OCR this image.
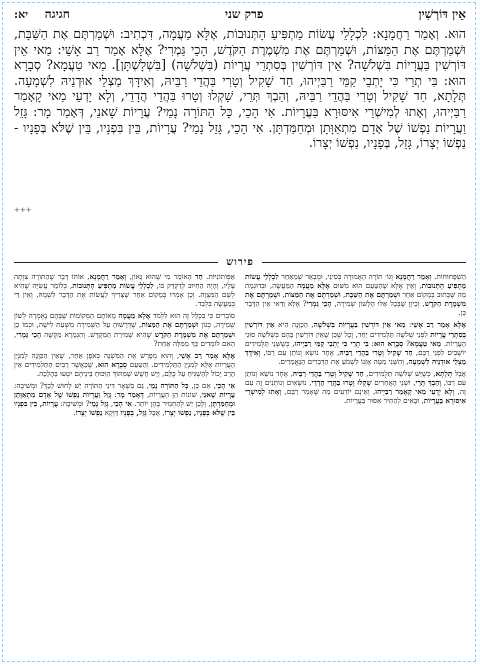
אֵין דּוֹרְשִׁין
פרק שני
חגיגה    יא:
הוּא. וְאָמַר רַחֲמָנָא: לִכְלָלֵי עֲשׂוֹת מַתְפִּיעַ הָתְּנוּבוֹת, אֶלָּא מַעֲמָה, דִּכְתִיב: וּשְׁמַרְתֶּם אֶת הַשַּׁבָּת, וּשְׁמַרְתֶּם אֶת הַמַּצּוֹת, וּשְׁמַרְתֶּם אֶת מִשְׁמֶרֶת הַקֹּדֶשׁ, הָכֵי גַּמְרִי? אֶלָּא אָמַר רַב אָשֵׁי: מַאי אֵין דּוֹרְשִׁין בַּעֲרָיוֹת בִּשְׁלֹשָׁה? אֵין דּוֹרְשִׁין בְּסִתְרֵי עֲרָיוֹת (בִּשְׁלֹשָׁה) [בִּשְׁלָשְׁתָּן]. מַאי טַעֲמָא? סְבָרָא הוּא: בִּי תְרֵי כִּי יָתְבֵי קַמֵּי רַבַּיְיהוּ, חַד שָׁקִיל וְטָרִי בַּהֲדֵי רַבֵּיהּ, וְאִידָּךְ מַצְלֵי אוּדְנֵיהּ לִשְׁמָעָה. תְּלָתָא, חַד שָׁקִיל וְטָרִי בַּהֲדֵי רַבֵּיהּ, וְהַבְךְ תְּרֵי, שָׁקְלוּ וְטָרוּ בַּהֲדֵי הֲדָדֵי, וְלָא יָדְעֵי מַאי קָאָמַר רַבַּיְיהוּ, וְאָתוּ לְמִישְׁרֵי אִיסּוּרָא בַּעֲרָיוֹת. אִי הָכֵי, כָּל הַתּוֹרָה נָמֵי? עֲרָיוֹת שָׁאנֵי, דְּאָמַר מָר: גָּזֵל וַעֲרָיוֹת נַפְשׁוֹ שֶׁל אָדָם מִתְאַוָּתָן וּמְחַמַּדְתָּן. אִי הָכֵי, גָּזֵל נָמֵי? עֲרָיוֹת, בֵּין בִּפְנָיו, בֵּין שֶׁלֹּא בְּפָנָיו - נַפְשׁוֹ יְצָרוֹ, גָּזֵל, בְּפָנָיו, נַפְשׁוֹ יְצָרוֹ.
+++
פירוש

הַשְׁפָּחוּחוֹת. וְאָמַר רַחֲמָנָא וְגוֹ׳ תוֹרָה הָאֲמוּרָה בְּסִינַי, וּמְבָאֵר שְׁמֵאַחַר לִכְלָלֵי עֲשׂוֹת מַתְפִּיעַ הָתְּנוּבוֹת, וְאֵין אֶלָּא שֶׁהַטַּעַם הוּא מִשּׁוּם אֶלָּא מַעֲמָה הַמַּעֲשֶׂה, וּבְדוּגְמַת מַה שֶּׁכָּתוּב בְּמָקוֹם אַחֵר וּשְׁמַרְתֶּם אֶת הַשַּׁבָּת, וּשְׁמַרְתֶּם אֶת הַמַּצּוֹת, וּשְׁמַרְתֶּם אֶת מִשְׁמֶרֶת הַקֹּדֶשׁ, וְכֵיוָן שֶׁבְּכָל אֵלּוּ הַלָּשׁוֹן שְׁמִירָה, הָכֵי גַּמְרִי? אֶלָּא וַדַּאי אֵין הַדָּבָר כֵּן.

אֶלָּא אָמַר רַב אָשֵׁי: מַאי אֵין דּוֹרְשִׁין בַּעֲרָיוֹת בִּשְׁלֹשָׁה, הַכַּוָּנָה הִיא אֵין דּוֹרְשִׁין בְּסִתְרֵי עֲרָיוֹת לִפְנֵי שְׁלֹשָׁה תַּלְמִידִים יַחַד, וְכָל שֶׁכֵּן שֶׁאֵין דּוֹרְשִׁין בָּהֶם בִּשְׁלֹשָׁה סוּגֵי הָעֲרָיוֹת. מַאי טַעֲמָא? סְבָרָא הוּא: בִּי תְרֵי כִּי יָתְבֵי קַמֵּי רַבַּיְיהוּ, כְּשֶׁשְּׁנֵי תַּלְמִידִים יוֹשְׁבִים לִפְנֵי רַבָּם, חַד שָׁקִיל וְטָרִי בַּהֲדֵי רַבֵּיהּ, אֶחָד נוֹשֵׂא וְנוֹתֵן עִם רַבּוֹ, וְאִידָּךְ מַצְלֵי אוּדְנֵיהּ לִשְׁמָעָה, וְהַשֵּׁנִי מַטֶּה אָזְנוֹ לִשְׁמֹעַ אֶת הַדְּבָרִים הַנֶּאֱמָרִים.

אֲבָל תְּלָתָא, כְּשֶׁיֵּשׁ שְׁלֹשָׁה תַּלְמִידִים, חַד שָׁקִיל וְטָרִי בַּהֲדֵי רַבֵּיהּ, אֶחָד נוֹשֵׂא וְנוֹתֵן עִם רַבּוֹ, וְהַבְךְ תְּרֵי, וּשְׁנֵי הָאֲחֵרִים שָׁקְלוּ וְטָרוּ בַּהֲדֵי הֲדָדֵי, נוֹשְׂאִים וְנוֹתְנִים זֶה עִם זֶה, וְלָא יָדְעֵי מַאי קָאָמַר רַבַּיְיהוּ, וְאֵינָם יוֹדְעִים מַה שֶּׁאָמַר רַבָּם, וְאָתוּ לְמִישְׁרֵי אִיסּוּרָא בַּעֲרָיוֹת, וּבָאִים לְהַתִּיר אִסּוּר בַּעֲרָיוֹת.

אַפְּוֹתוֹנִיּוֹת. חַד הָאוֹמֵר מִי שֶׁהוּא גָּאוֹן, וְאָמַר רַחֲמָנָא, אוֹתוֹ דָּבָר שֶׁהַתּוֹרָה צִוְּתָה עָלָיו, וְהָיָה הַחִיּוּב לְדַקְדֵּק בּוֹ, לִכְלָלֵי עֲשׂוֹת מַתְפִּיעַ הָתְּנוּבוֹת, כְּלוֹמַר עֲשִׂיָּה שֶׁהִיא לְשֵׁם הַמִּצְוָה. וְכֵן אָמְרוּ בְּמָקוֹם אַחֵר שֶׁצָּרִיךְ לַעֲשׂוֹת אֶת הַדָּבָר לִשְׁמָהּ, וְאֵין דַּי בְּמַעֲשֶׂה בִּלְבַד.

סוֹבְרִים כִּי בִּכְלַל זֶה הוּא לִלְמֹד אֶלָּא מַעֲמָה מֵאוֹתָם הַמְּקוֹמוֹת שֶׁבָּהֶם נֶאֶמְרָה לְשׁוֹן שְׁמִירָה, כְּגוֹן וּשְׁמַרְתֶּם אֶת הַמַּצּוֹת, שֶׁדְּרָשׁוּהָ עַל הַשְּׁמִירָה מִשְּׁעַת לִישָׁה, וּכְמוֹ כֵן וּשְׁמַרְתֶּם אֶת מִשְׁמֶרֶת הַקֹּדֶשׁ שֶׁהִיא שְׁמִירַת הַמִּקְדָּשׁ. וְהַגְּמָרָא מַקְשָׁה הָכֵי גַּמְרִי, הַאִם לוֹמְדִים כָּךְ מִמִּלָּה אַחַת?

אֶלָּא אָמַר רַב אָשֵׁי, וְהוּא מְפָרֵשׁ אֶת הַמִּשְׁנָה בְּאֹפֶן אַחֵר, שֶׁאֵין הַכַּוָּנָה לְמִנְיַן הָעֲרָיוֹת אֶלָּא לְמִנְיַן הַתַּלְמִידִים. וְהַטַּעַם סְבָרָא הוּא, שֶׁכַּאֲשֶׁר רַבִּים הַתַּלְמִידִים אֵין הָרַב יָכוֹל לְהַשְׁגִּיחַ עַל כֻּלָּם, וְיֵשׁ חֲשָׁשׁ שֶׁמִּתּוֹךְ הַוִּכּוּחַ בֵּינֵיהֶם יִטְעוּ בַּהֲלָכָה.

אִי הָכֵי, אִם כֵּן, כָּל הַתּוֹרָה נָמֵי, גַּם בִּשְׁאָר דִּינֵי הַתּוֹרָה יֵשׁ לָחוּשׁ לְכָךְ? וּמְשִׁיבָה: עֲרָיוֹת שָׁאנֵי, שׁוֹנוֹת הֵן הָעֲרָיוֹת, דְּאָמַר מָר: גָּזֵל וַעֲרָיוֹת נַפְשׁוֹ שֶׁל אָדָם מִתְאַוָּתָן וּמְחַמַּדְתָּן, וְלָכֵן יֵשׁ לְהַחְמִיר בָּהֶן יוֹתֵר. אִי הָכֵי, גָּזֵל נָמֵי? וּמְשִׁיבָה: עֲרָיוֹת, בֵּין בִּפְנָיו בֵּין שֶׁלֹּא בְּפָנָיו, נַפְשׁוֹ יְצָרוֹ, אֲבָל גָּזֵל, בְּפָנָיו דַּוְקָא נַפְשׁוֹ יְצָרוֹ.
